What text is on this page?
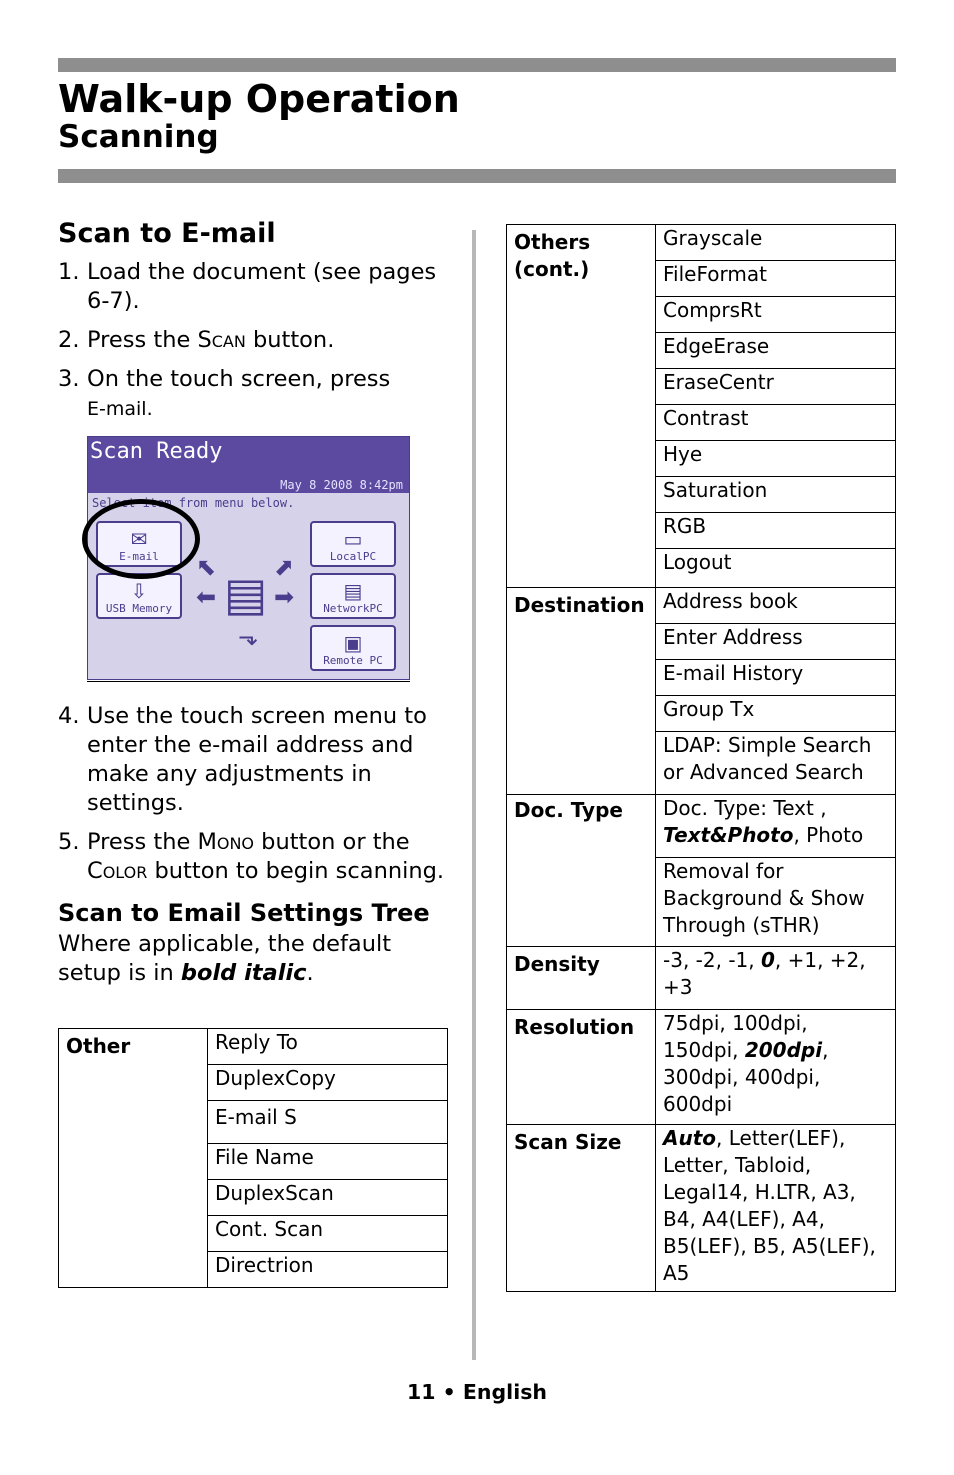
Walk-up Operation
Scanning
Scan to E-mail
1. Load the document (see pages 6-7).
2. Press the Scan button.
3. On the touch screen, press
E-mail.
Scan Ready
May 8 2008 8:42pm
Select item from menu below.
✉
E-mail
⇩
USB Memory
▭
LocalPC
▤
NetworkPC
▣
Remote PC
⬉
⬅
⬈
➡
⬎
▤
4. Use the touch screen menu to enter the e-mail address and make any adjustments in settings.
5. Press the Mono button or the Color button to begin scanning.
Scan to Email Settings Tree

Where applicable, the default setup is in bold italic.

Other	Reply To
DuplexCopy
E-mail S
File Name
DuplexScan
Cont. Scan
Directrion
Others (cont.)	Grayscale
	FileFormat
	ComprsRt
	EdgeErase
	EraseCentr
	Contrast
	Hye
	Saturation
	RGB
	Logout
Destination	Address book
	Enter Address
	E-mail History
	Group Tx
	LDAP: Simple Search or Advanced Search
Doc. Type	Doc. Type: Text , Text&Photo, Photo
	Removal for Background & Show Through (sTHR)
Density	-3, -2, -1, 0, +1, +2, +3
Resolution	75dpi, 100dpi, 150dpi, 200dpi, 300dpi, 400dpi, 600dpi
Scan Size	Auto, Letter(LEF), Letter, Tabloid, Legal14, H.LTR, A3, B4, A4(LEF), A4, B5(LEF), B5, A5(LEF), A5
11 • English
